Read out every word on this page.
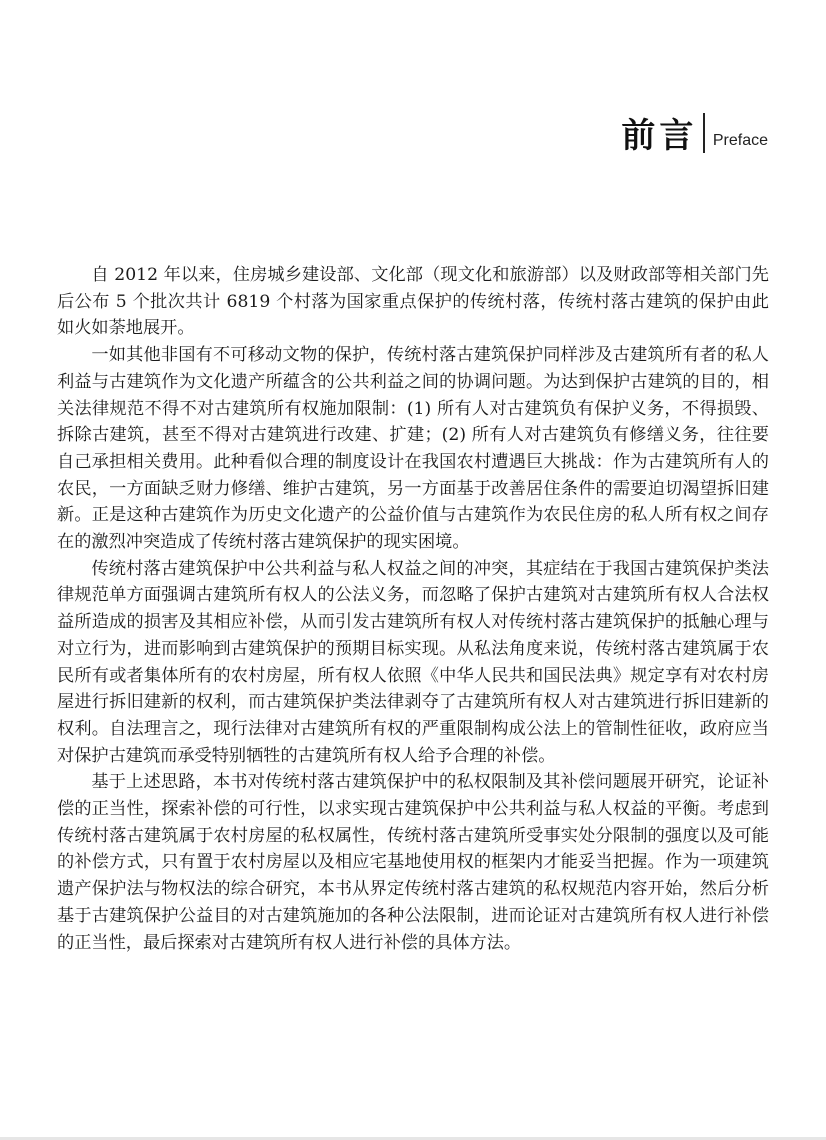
前言 Preface

自 2012 年以来，住房城乡建设部、文化部（现文化和旅游部）以及财政部等相关部门先后公布 5 个批次共计 6819 个村落为国家重点保护的传统村落，传统村落古建筑的保护由此如火如荼地展开。

一如其他非国有不可移动文物的保护，传统村落古建筑保护同样涉及古建筑所有者的私人利益与古建筑作为文化遗产所蕴含的公共利益之间的协调问题。为达到保护古建筑的目的，相关法律规范不得不对古建筑所有权施加限制：(1) 所有人对古建筑负有保护义务，不得损毁、拆除古建筑，甚至不得对古建筑进行改建、扩建；(2) 所有人对古建筑负有修缮义务，往往要自己承担相关费用。此种看似合理的制度设计在我国农村遭遇巨大挑战：作为古建筑所有人的农民，一方面缺乏财力修缮、维护古建筑，另一方面基于改善居住条件的需要迫切渴望拆旧建新。正是这种古建筑作为历史文化遗产的公益价值与古建筑作为农民住房的私人所有权之间存在的激烈冲突造成了传统村落古建筑保护的现实困境。

传统村落古建筑保护中公共利益与私人权益之间的冲突，其症结在于我国古建筑保护类法律规范单方面强调古建筑所有权人的公法义务，而忽略了保护古建筑对古建筑所有权人合法权益所造成的损害及其相应补偿，从而引发古建筑所有权人对传统村落古建筑保护的抵触心理与对立行为，进而影响到古建筑保护的预期目标实现。从私法角度来说，传统村落古建筑属于农民所有或者集体所有的农村房屋，所有权人依照《中华人民共和国民法典》规定享有对农村房屋进行拆旧建新的权利，而古建筑保护类法律剥夺了古建筑所有权人对古建筑进行拆旧建新的权利。自法理言之，现行法律对古建筑所有权的严重限制构成公法上的管制性征收，政府应当对保护古建筑而承受特别牺牲的古建筑所有权人给予合理的补偿。

基于上述思路，本书对传统村落古建筑保护中的私权限制及其补偿问题展开研究，论证补偿的正当性，探索补偿的可行性，以求实现古建筑保护中公共利益与私人权益的平衡。考虑到传统村落古建筑属于农村房屋的私权属性，传统村落古建筑所受事实处分限制的强度以及可能的补偿方式，只有置于农村房屋以及相应宅基地使用权的框架内才能妥当把握。作为一项建筑遗产保护法与物权法的综合研究，本书从界定传统村落古建筑的私权规范内容开始，然后分析基于古建筑保护公益目的对古建筑施加的各种公法限制，进而论证对古建筑所有权人进行补偿的正当性，最后探索对古建筑所有权人进行补偿的具体方法。
